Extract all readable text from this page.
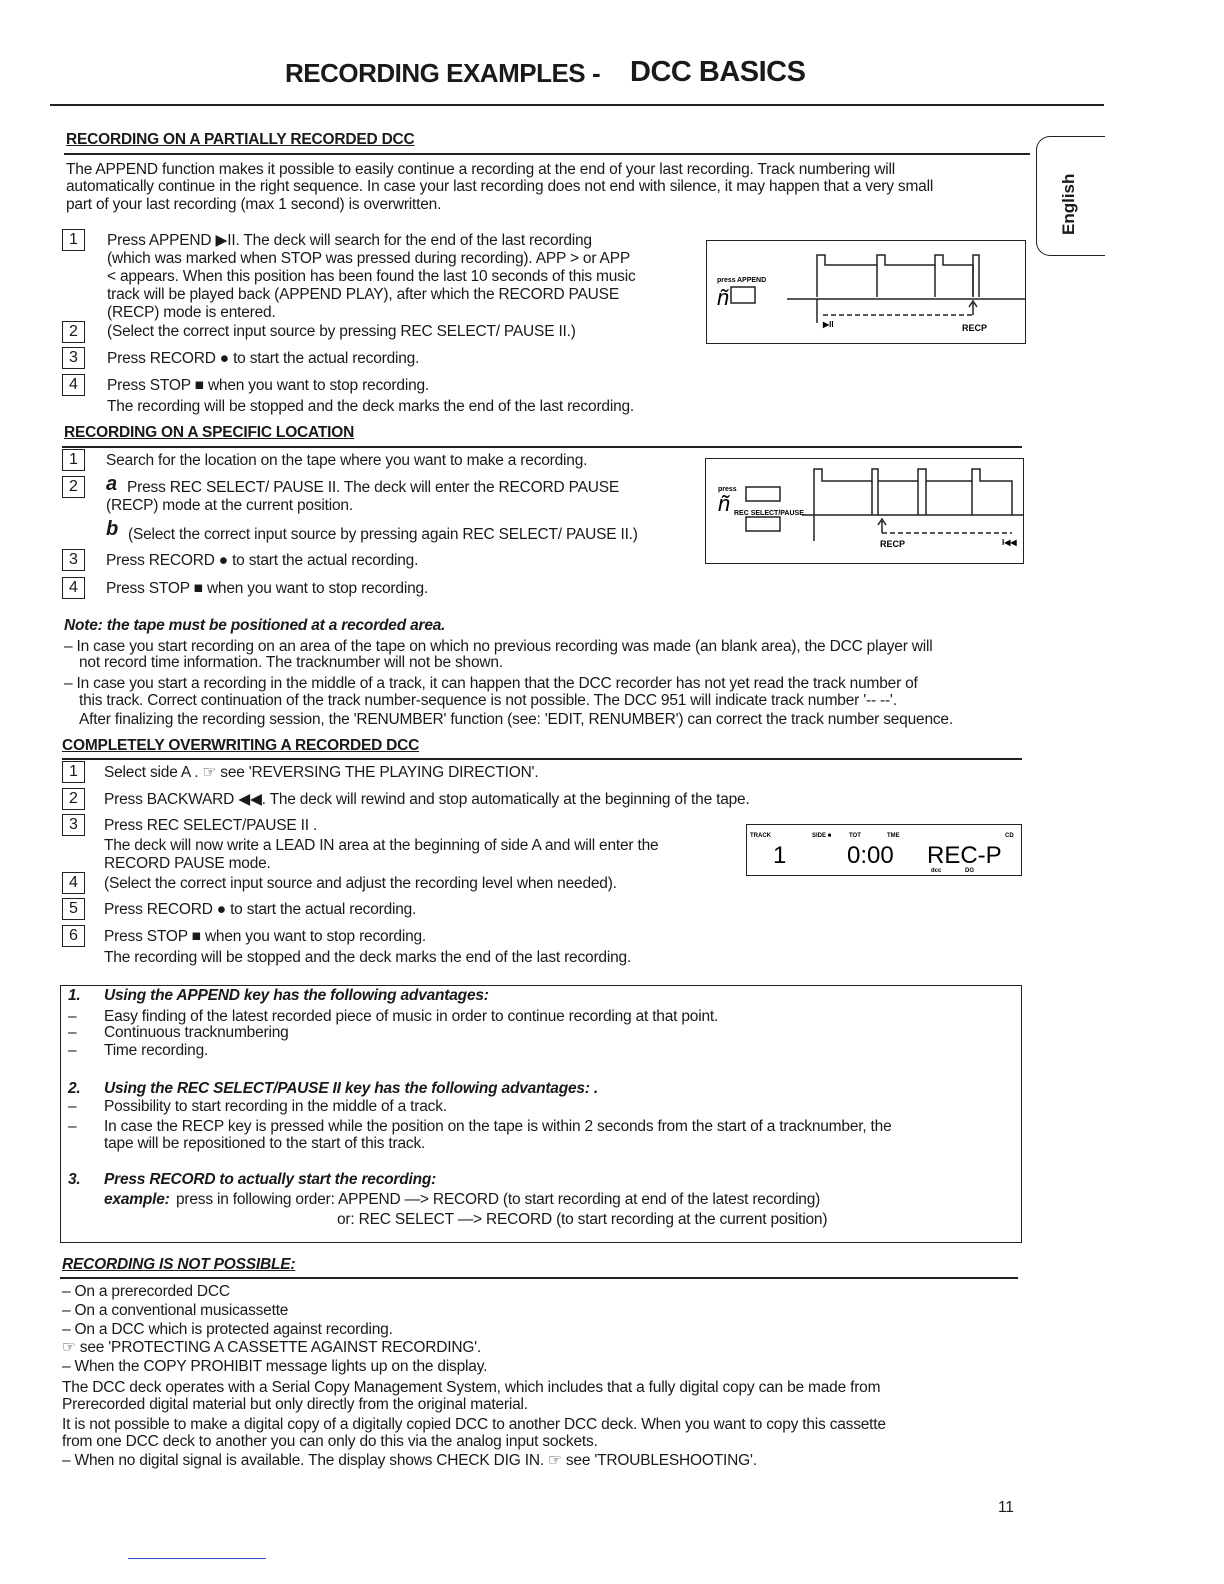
RECORDING EXAMPLES - DCC BASICS
English
press APPEND
ñ
▶II	RECP
press
ñ REC SELECT/PAUSE
RECP	I◀◀
TRACK	SIDE ■	TOT	TME	CD
1	0:00 REC-P
dcc	DG
RECORDING ON A PARTIALLY RECORDED DCC
The APPEND function makes it possible to easily continue a recording at the end of your last recording. Track numbering will
automatically continue in the right sequence. In case your last recording does not end with silence, it may happen that a very small
part of your last recording (max 1 second) is overwritten.
1	Press APPEND ▶II. The deck will search for the end of the last recording
(which was marked when STOP was pressed during recording). APP > or APP
< appears. When this position has been found the last 10 seconds of this music
track will be played back (APPEND PLAY), after which the RECORD PAUSE
(RECP) mode is entered.
2	(Select the correct input source by pressing REC SELECT/ PAUSE II.)
3	Press RECORD ● to start the actual recording.
4	Press STOP ■ when you want to stop recording.
The recording will be stopped and the deck marks the end of the last recording.
RECORDING ON A SPECIFIC LOCATION
1	Search for the location on the tape where you want to make a recording.
2	a Press REC SELECT/ PAUSE II. The deck will enter the RECORD PAUSE
(RECP) mode at the current position.
b (Select the correct input source by pressing again REC SELECT/ PAUSE II.)
3	Press RECORD ● to start the actual recording.
4	Press STOP ■ when you want to stop recording.
Note: the tape must be positioned at a recorded area.
– In case you start recording on an area of the tape on which no previous recording was made (an blank area), the DCC player will
not record time information. The tracknumber will not be shown.
– In case you start a recording in the middle of a track, it can happen that the DCC recorder has not yet read the track number of
this track. Correct continuation of the track number-sequence is not possible. The DCC 951 will indicate track number '-- --'.
After finalizing the recording session, the 'RENUMBER' function (see: 'EDIT, RENUMBER') can correct the track number sequence.
COMPLETELY OVERWRITING A RECORDED DCC
1	Select side A . ☞ see 'REVERSING THE PLAYING DIRECTION'.
2	Press BACKWARD ◀◀. The deck will rewind and stop automatically at the beginning of the tape.
3	Press REC SELECT/PAUSE II .
The deck will now write a LEAD IN area at the beginning of side A and will enter the
RECORD PAUSE mode.
4	(Select the correct input source and adjust the recording level when needed).
5	Press RECORD ● to start the actual recording.
6	Press STOP ■ when you want to stop recording.
The recording will be stopped and the deck marks the end of the last recording.
1. Using the APPEND key has the following advantages:
– Easy finding of the latest recorded piece of music in order to continue recording at that point.
– Continuous tracknumbering
– Time recording.
2. Using the REC SELECT/PAUSE II key has the following advantages: .
– Possibility to start recording in the middle of a track.
– In case the RECP key is pressed while the position on the tape is within 2 seconds from the start of a tracknumber, the
tape will be repositioned to the start of this track.
3. Press RECORD to actually start the recording:
example: press in following order: APPEND —> RECORD (to start recording at end of the latest recording)
or: REC SELECT —> RECORD (to start recording at the current position)
RECORDING IS NOT POSSIBLE:
– On a prerecorded DCC
– On a conventional musicassette
– On a DCC which is protected against recording.
☞ see 'PROTECTING A CASSETTE AGAINST RECORDING'.
– When the COPY PROHIBIT message lights up on the display.
The DCC deck operates with a Serial Copy Management System, which includes that a fully digital copy can be made from
Prerecorded digital material but only directly from the original material.
It is not possible to make a digital copy of a digitally copied DCC to another DCC deck. When you want to copy this cassette
from one DCC deck to another you can only do this via the analog input sockets.
– When no digital signal is available. The display shows CHECK DIG IN. ☞ see 'TROUBLESHOOTING'.
11
